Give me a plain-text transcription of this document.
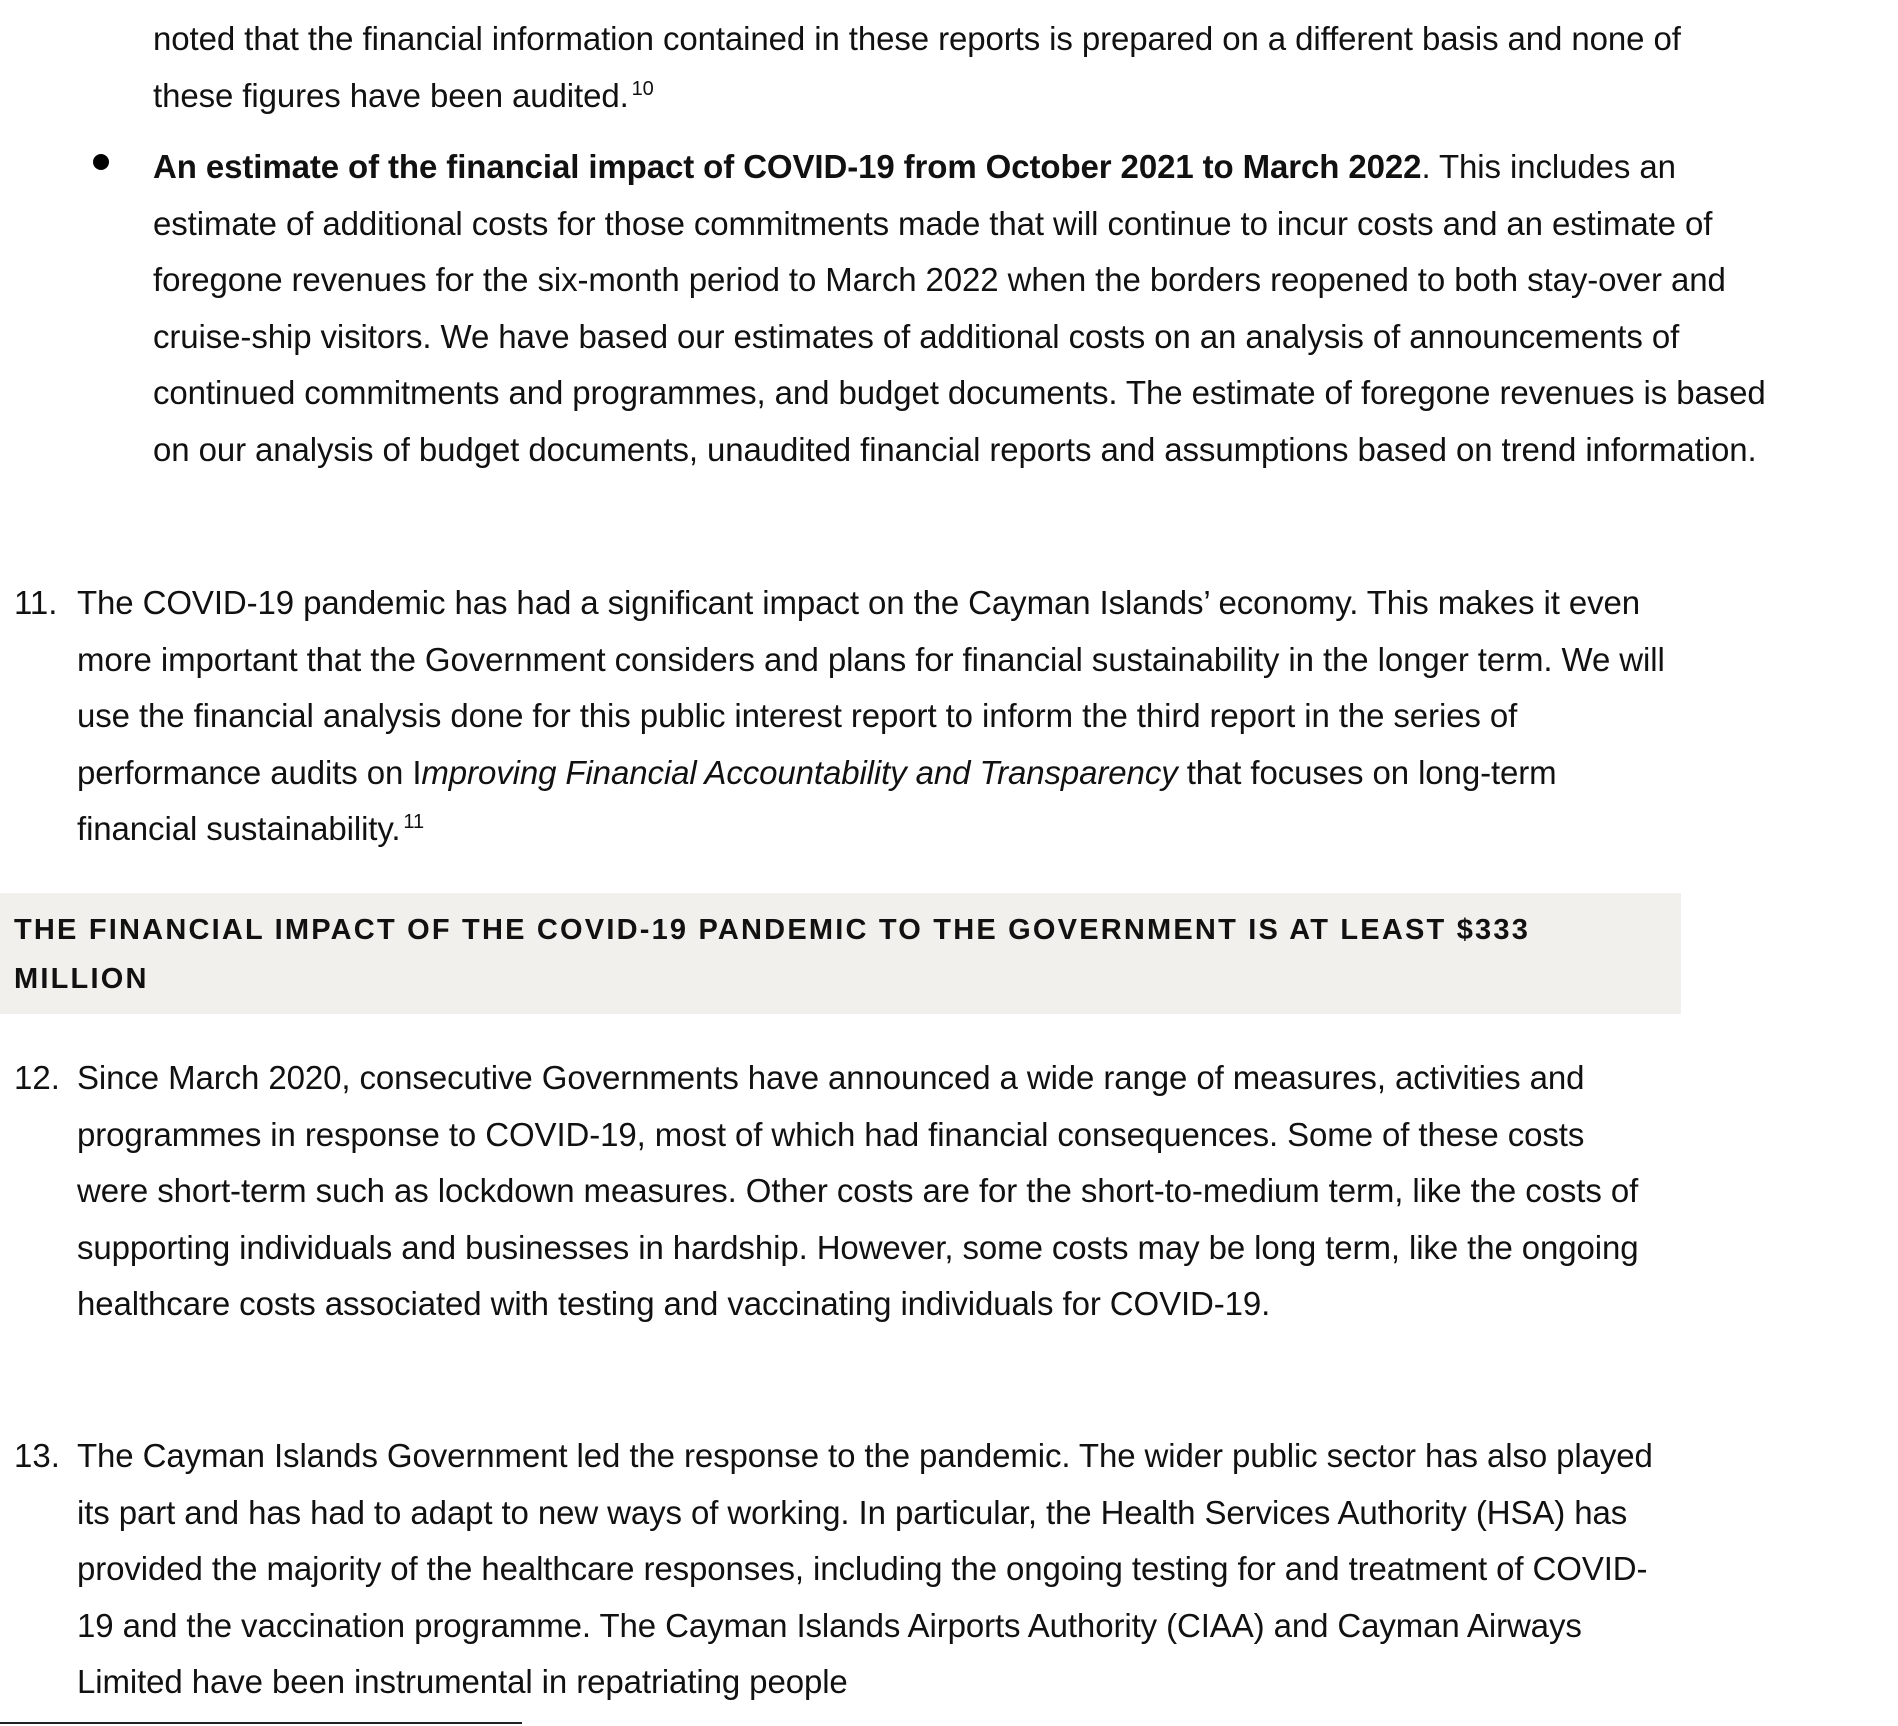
noted that the financial information contained in these reports is prepared on a different basis and none of these figures have been audited. $^{10}$
An estimate of the financial impact of COVID-19 from October 2021 to March 2022. This includes an estimate of additional costs for those commitments made that will continue to incur costs and an estimate of foregone revenues for the six-month period to March 2022 when the borders reopened to both stay-over and cruise-ship visitors. We have based our estimates of additional costs on an analysis of announcements of continued commitments and programmes, and budget documents. The estimate of foregone revenues is based on our analysis of budget documents, unaudited financial reports and assumptions based on trend information.
11. The COVID-19 pandemic has had a significant impact on the Cayman Islands’ economy. This makes it even more important that the Government considers and plans for financial sustainability in the longer term. We will use the financial analysis done for this public interest report to inform the third report in the series of performance audits on Improving Financial Accountability and Transparency that focuses on long-term financial sustainability. $^{11}$
THE FINANCIAL IMPACT OF THE COVID-19 PANDEMIC TO THE GOVERNMENT IS AT LEAST $333 MILLION
12. Since March 2020, consecutive Governments have announced a wide range of measures, activities and programmes in response to COVID-19, most of which had financial consequences. Some of these costs were short-term such as lockdown measures. Other costs are for the short-to-medium term, like the costs of supporting individuals and businesses in hardship. However, some costs may be long term, like the ongoing healthcare costs associated with testing and vaccinating individuals for COVID-19.
13. The Cayman Islands Government led the response to the pandemic. The wider public sector has also played its part and has had to adapt to new ways of working. In particular, the Health Services Authority (HSA) has provided the majority of the healthcare responses, including the ongoing testing for and treatment of COVID-19 and the vaccination programme. The Cayman Islands Airports Authority (CIAA) and Cayman Airways Limited have been instrumental in repatriating people
